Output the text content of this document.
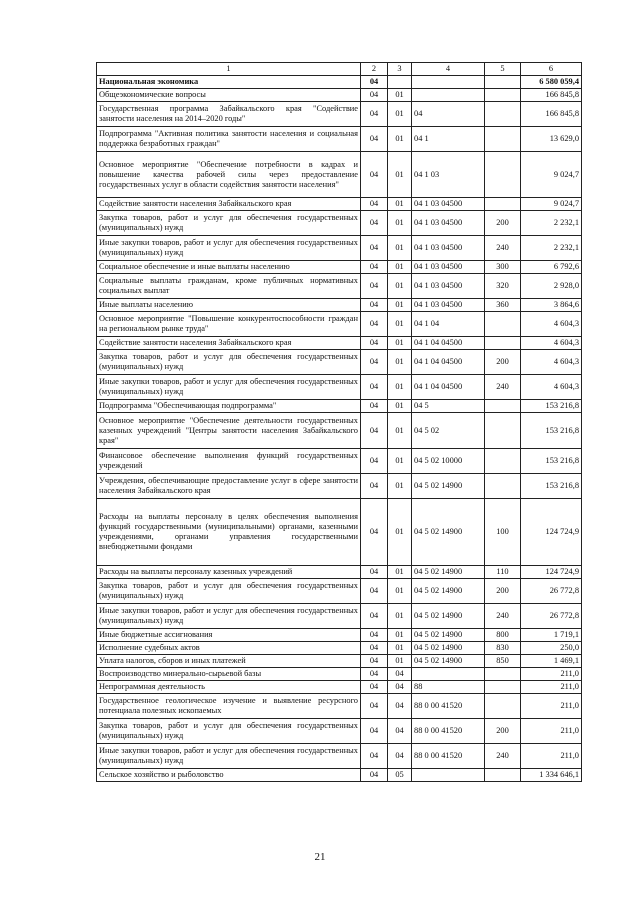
1	2	3	4	5	6
Национальная экономика	04				6 580 059,4
Общеэкономические вопросы	04	01			166 845,8
Государственная программа Забайкальского края "Содействие занятости населения на 2014–2020 годы"	04	01	04		166 845,8
Подпрограмма "Активная политика занятости населения и социальная поддержка безработных граждан"	04	01	04 1		13 629,0
Основное мероприятие "Обеспечение потребности в кадрах и повышение качества рабочей силы через предоставление государственных услуг в области содействия занятости населения"	04	01	04 1 03		9 024,7
Содействие занятости населения Забайкальского края	04	01	04 1 03 04500		9 024,7
Закупка товаров, работ и услуг для обеспечения государственных (муниципальных) нужд	04	01	04 1 03 04500	200	2 232,1
Иные закупки товаров, работ и услуг для обеспечения государственных (муниципальных) нужд	04	01	04 1 03 04500	240	2 232,1
Социальное обеспечение и иные выплаты населению	04	01	04 1 03 04500	300	6 792,6
Социальные выплаты гражданам, кроме публичных нормативных социальных выплат	04	01	04 1 03 04500	320	2 928,0
Иные выплаты населению	04	01	04 1 03 04500	360	3 864,6
Основное мероприятие "Повышение конкурентоспособности граждан на региональном рынке труда"	04	01	04 1 04		4 604,3
Содействие занятости населения Забайкальского края	04	01	04 1 04 04500		4 604,3
Закупка товаров, работ и услуг для обеспечения государственных (муниципальных) нужд	04	01	04 1 04 04500	200	4 604,3
Иные закупки товаров, работ и услуг для обеспечения государственных (муниципальных) нужд	04	01	04 1 04 04500	240	4 604,3
Подпрограмма "Обеспечивающая подпрограмма"	04	01	04 5		153 216,8
Основное мероприятие "Обеспечение деятельности государственных казенных учреждений "Центры занятости населения Забайкальского края"	04	01	04 5 02		153 216,8
Финансовое обеспечение выполнения функций государственных учреждений	04	01	04 5 02 10000		153 216,8
Учреждения, обеспечивающие предоставление услуг в сфере занятости населения Забайкальского края	04	01	04 5 02 14900		153 216,8
Расходы на выплаты персоналу в целях обеспечения выполнения функций государственными (муниципальными) органами, казенными учреждениями, органами управления государственными внебюджетными фондами	04	01	04 5 02 14900	100	124 724,9
Расходы на выплаты персоналу казенных учреждений	04	01	04 5 02 14900	110	124 724,9
Закупка товаров, работ и услуг для обеспечения государственных (муниципальных) нужд	04	01	04 5 02 14900	200	26 772,8
Иные закупки товаров, работ и услуг для обеспечения государственных (муниципальных) нужд	04	01	04 5 02 14900	240	26 772,8
Иные бюджетные ассигнования	04	01	04 5 02 14900	800	1 719,1
Исполнение судебных актов	04	01	04 5 02 14900	830	250,0
Уплата налогов, сборов и иных платежей	04	01	04 5 02 14900	850	1 469,1
Воспроизводство минерально-сырьевой базы	04	04			211,0
Непрограммная деятельность	04	04	88		211,0
Государственное геологическое изучение и выявление ресурсного потенциала полезных ископаемых	04	04	88 0 00 41520		211,0
Закупка товаров, работ и услуг для обеспечения государственных (муниципальных) нужд	04	04	88 0 00 41520	200	211,0
Иные закупки товаров, работ и услуг для обеспечения государственных (муниципальных) нужд	04	04	88 0 00 41520	240	211,0
Сельское хозяйство и рыболовство	04	05			1 334 646,1
21
